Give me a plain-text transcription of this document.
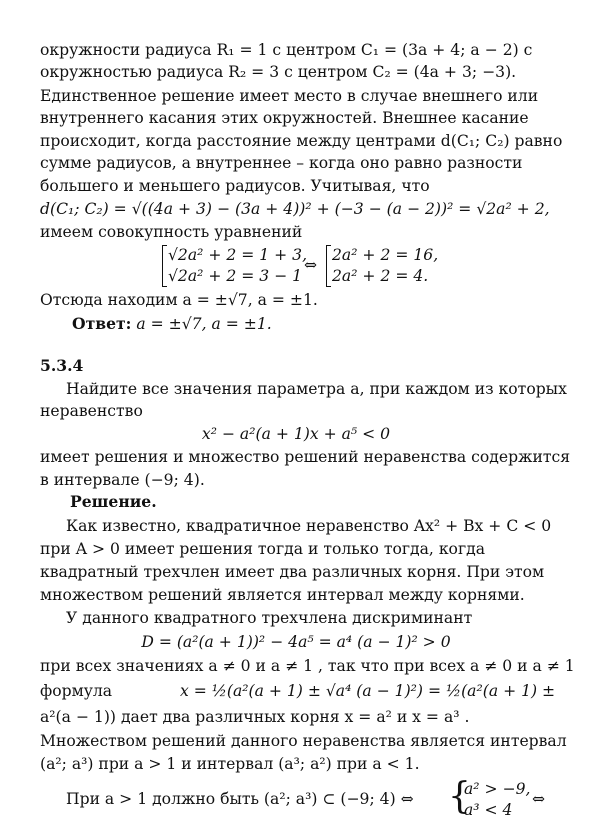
окружности радиуса R₁ = 1 с центром C₁ = (3a + 4; a − 2) с
окружностью радиуса R₂ = 3 с центром C₂ = (4a + 3; −3).
Единственное решение имеет место в случае внешнего или
внутреннего касания этих окружностей. Внешнее касание
происходит, когда расстояние между центрами d(C₁; C₂) равно
сумме радиусов, а внутреннее – когда оно равно разности
большего и меньшего радиусов. Учитывая, что
d(C₁; C₂) = √((4a + 3) − (3a + 4))² + (−3 − (a − 2))² = √2a² + 2,
имеем совокупность уравнений
√2a² + 2 = 1 + 3,
√2a² + 2 = 3 − 1
⇔
2a² + 2 = 16,
2a² + 2 = 4.
Отсюда находим a = ±√7, a = ±1.
Ответ: a = ±√7, a = ±1.
5.3.4
Найдите все значения параметра a, при каждом из которых
неравенство
x² − a²(a + 1)x + a⁵ < 0
имеет решения и множество решений неравенства содержится
в интервале (−9; 4).
Решение.
Как известно, квадратичное неравенство Ax² + Bx + C < 0
при A > 0 имеет решения тогда и только тогда, когда
квадратный трехчлен имеет два различных корня. При этом
множеством решений является интервал между корнями.
У данного квадратного трехчлена дискриминант
D = (a²(a + 1))² − 4a⁵ = a⁴ (a − 1)² > 0
при всех значениях a ≠ 0 и a ≠ 1 , так что при всех a ≠ 0 и a ≠ 1
формула	x = ½(a²(a + 1) ± √a⁴ (a − 1)²) = ½(a²(a + 1) ±
a²(a − 1)) дает два различных корня x = a² и x = a³ .
Множеством решений данного неравенства является интервал
(a²; a³) при a > 1 и интервал (a³; a²) при a < 1.
При a > 1 должно быть (a²; a³) ⊂ (−9; 4) ⇔ {
a² > −9,
a³ < 4
⇔
